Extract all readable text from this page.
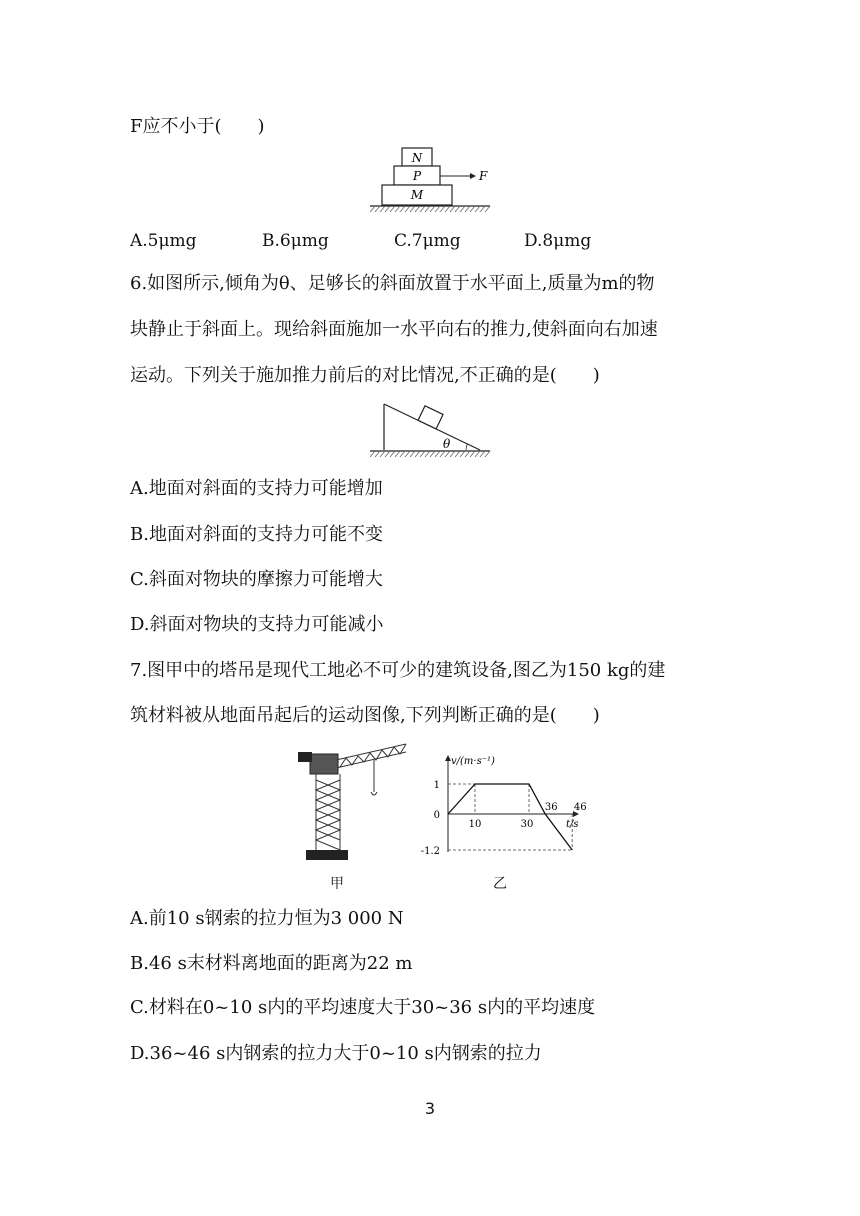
F应不小于(　　)
N
P
M
F
A.5μmg	B.6μmg	C.7μmg	D.8μmg
6.如图所示,倾角为θ、足够长的斜面放置于水平面上,质量为m的物
块静止于斜面上。现给斜面施加一水平向右的推力,使斜面向右加速
运动。下列关于施加推力前后的对比情况,不正确的是(　　)
θ
A.地面对斜面的支持力可能增加
B.地面对斜面的支持力可能不变
C.斜面对物块的摩擦力可能增大
D.斜面对物块的支持力可能减小
7.图甲中的塔吊是现代工地必不可少的建筑设备,图乙为150 kg的建
筑材料被从地面吊起后的运动图像,下列判断正确的是(　　)
甲
v/(m·s⁻¹)
t/s
1
0
-1.2
10	30
36 46
乙
A.前10 s钢索的拉力恒为3 000 N
B.46 s末材料离地面的距离为22 m
C.材料在0~10 s内的平均速度大于30~36 s内的平均速度
D.36~46 s内钢索的拉力大于0~10 s内钢索的拉力
3
